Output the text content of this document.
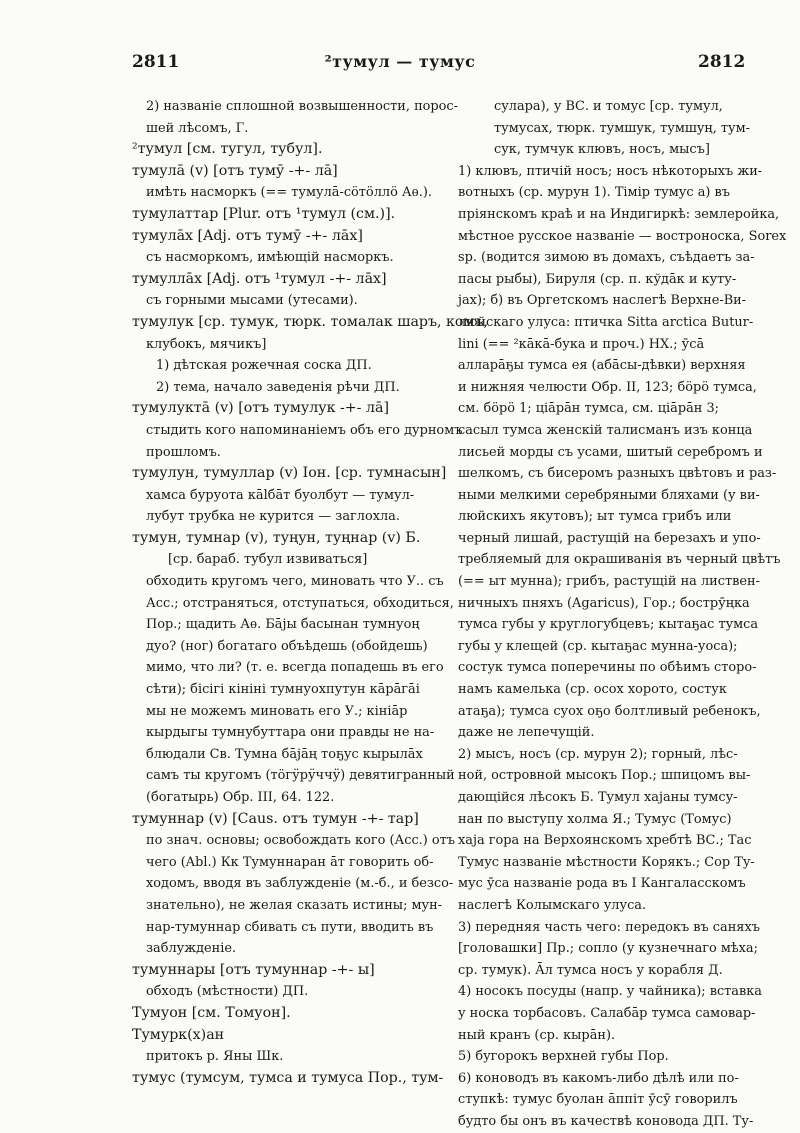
2811	²тумул — тумус	2812
2) названіе сплошной возвышенности, порос-
шей лѣсомъ, Г.
²тумул [см. тугул, тубул].
тумулā (v) [отъ тумӯ -+- лā]
имѣть насморкъ (== тумулā-сöтöллö Аѳ.).
тумулаттар [Plur. отъ ¹тумул (см.)].
тумулāх [Adj. отъ тумӯ -+- лāх]
съ насморкомъ, имѣющій насморкъ.
тумуллāх [Adj. отъ ¹тумул -+- лāх]
съ горными мысами (утесами).
тумулук [ср. тумук, тюрк. томалак шаръ, комъ,
клубокъ, мячикъ]
1) дѣтская рожечная соска ДП.
2) тема, начало заведенія рѣчи ДП.
тумулуктā (v) [отъ тумулук -+- лā]
стыдить кого напоминаніемъ объ его дурномъ
прошломъ.
тумулун, тумуллар (v) Іон. [ср. тумнасын]
хамса буруота кālбāт буолбут — тумул-
лубут трубка не курится — заглохла.
тумун, тумнар (v), туңун, туңнар (v) Б.
[ср. бараб. тубул извиваться]
обходить кругомъ чего, миновать что У.. съ
Асс.; отстраняться, отступаться, обходиться,
Пор.; щадить Аѳ. Бājы басынан тумнуоң
дуо? (ног) богатаго объѣдешь (обойдешь)
мимо, что ли? (т. е. всегда попадешь въ его
сѣти); бісігі кініні тумнуохпутун кāрāгāі
мы не можемъ миновать его У.; кінiāр
кырдыгы тумнубуттара они правды не на-
блюдали Св. Тумна бājāң тоҕус кырылāх
самъ ты кругомъ (тöгӱрӱччӱ) девятигранный
(богатырь) Обр. III, 64. 122.
тумуннар (v) [Caus. отъ тумун -+- тар]
по знач. основы; освобождать кого (Асс.) отъ
чего (Abl.) Кк Тумуннаран āт говорить об-
ходомъ, вводя въ заблужденіе (м.-б., и безсо-
знательно), не желая сказать истины; мун-
нар-тумуннар сбивать съ пути, вводить въ
заблужденіе.
тумуннары [отъ тумуннар -+- ы]
обходъ (мѣстности) ДП.
Тумуон [см. Томуон].
Тумурк(х)ан
притокъ р. Яны Шк.
тумус (тумсум, тумса и тумуса Пор., тум-
сулара), у ВС. и томус [ср. тумул,
тумусах, тюрк. тумшук, тумшуң, тум-
сук, тумчук клювъ, носъ, мысъ]
1) клювъ, птичій носъ; носъ нѣкоторыхъ жи-
вотныхъ (ср. мурун 1). Тімір тумус а) въ
пріянскомъ краѣ и на Индигиркѣ: землеройка,
мѣстное русское названіе — востроноска, Sorex
sp. (водится зимою въ домахъ, съѣдаетъ за-
пасы рыбы), Бируля (ср. п. кўдāк и куту-
jах); б) въ Оргетскомъ наслегѣ Верхне-Ви-
люйскаго улуса: птичка Sitta arctica Butur-
lini (== ²кāкā-бука и проч.) НХ.; ӯсā
алларāҕы тумса ея (абāсы-дѣвки) верхняя
и нижняя челюсти Обр. II, 123; бöрö тумса,
см. бöрö 1; ціāрāн тумса, см. ціāрāн 3;
сасыл тумса женскій талисманъ изъ конца
лисьей морды съ усами, шитый серебромъ и
шелкомъ, съ бисеромъ разныхъ цвѣтовъ и раз-
ными мелкими серебряными бляхами (у ви-
люйскихъ якутовъ); ыт тумса грибъ или
черный лишай, растущій на березахъ и упо-
требляемый для окрашиванія въ черный цвѣтъ
(== ыт мунна); грибъ, растущій на листвен-
ничныхъ пняхъ (Agaricus), Гор.; бострӯңка
тумса губы у круглогубцевъ; кытаҕас тумса
губы у клещей (ср. кытаҕас мунна-уоса);
состук тумса поперечины по обѣимъ сторо-
намъ камелька (ср. осох хорото, состук
атаҕа); тумса суох оҕо болтливый ребенокъ,
даже не лепечущій.
2) мысъ, носъ (ср. мурун 2); горный, лѣс-
ной, островной мысокъ Пор.; шпицомъ вы-
дающійся лѣсокъ Б. Тумул хаjаны тумсу-
нан по выступу холма Я.; Тумус (Томус)
хаjа гора на Верхоянскомъ хребтѣ ВС.; Тас
Тумус названіе мѣстности Корякъ.; Сор Ту-
мус ӯса названіе рода въ I Кангаласскомъ
наслегѣ Колымскаго улуса.
3) передняя часть чего: передокъ въ саняхъ
[головашки] Пр.; сопло (у кузнечнаго мѣха;
ср. тумук). Āл тумса носъ у корабля Д.
4) носокъ посуды (напр. у чайника); вставка
у носка торбасовъ. Салабāр тумса самовар-
ный кранъ (ср. кырāн).
5) бугорокъ верхней губы Пор.
6) коноводъ въ какомъ-либо дѣлѣ или по-
ступкѣ: тумус буолан āппiт ӯсӯ говорилъ
будто бы онъ въ качествѣ коновода ДП. Ту-
